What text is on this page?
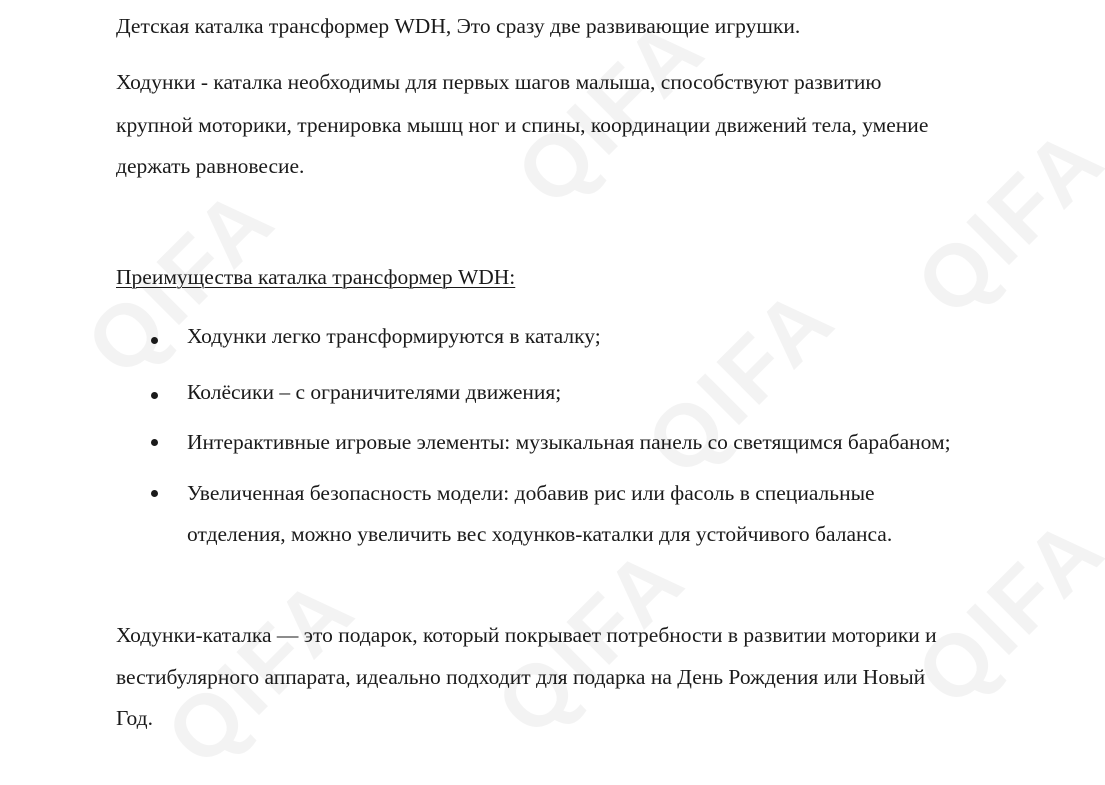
Детская каталка трансформер WDH, Это сразу две развивающие игрушки.
Ходунки - каталка необходимы для первых шагов малыша, способствуют развитию
крупной моторики, тренировка мышц ног и спины, координации движений тела, умение
держать равновесие.
Преимущества каталка трансформер WDH:
Ходунки легко трансформируются в каталку;
Колёсики – с ограничителями движения;
Интерактивные игровые элементы: музыкальная панель со светящимся барабаном;
Увеличенная безопасность модели: добавив рис или фасоль в специальные
отделения, можно увеличить вес ходунков-каталки для устойчивого баланса.
Ходунки-каталка — это подарок, который покрывает потребности в развитии моторики и
вестибулярного аппарата, идеально подходит для подарка на День Рождения или Новый
Год.
